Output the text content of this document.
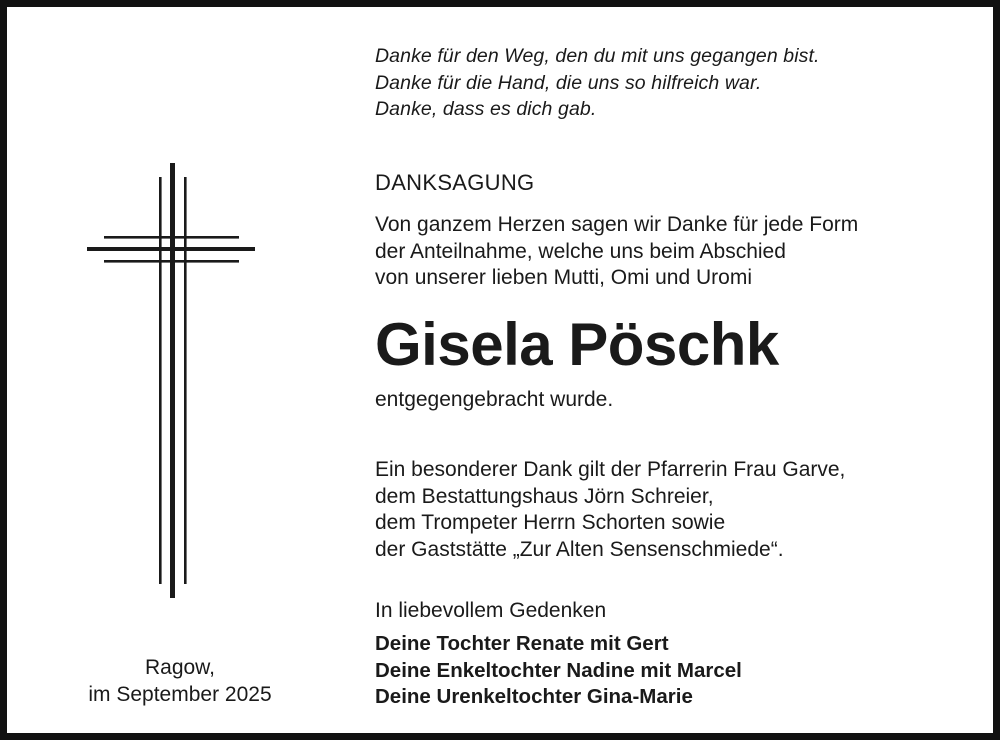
Danke für den Weg, den du mit uns gegangen bist.
Danke für die Hand, die uns so hilfreich war.
Danke, dass es dich gab.
DANKSAGUNG
Von ganzem Herzen sagen wir Danke für jede Form
der Anteilnahme, welche uns beim Abschied
von unserer lieben Mutti, Omi und Uromi
Gisela Pöschk
entgegengebracht wurde.
Ein besonderer Dank gilt der Pfarrerin Frau Garve,
dem Bestattungshaus Jörn Schreier,
dem Trompeter Herrn Schorten sowie
der Gaststätte „Zur Alten Sensenschmiede“.
In liebevollem Gedenken
Deine Tochter Renate mit Gert
Deine Enkeltochter Nadine mit Marcel
Deine Urenkeltochter Gina-Marie
Ragow,
im September 2025
